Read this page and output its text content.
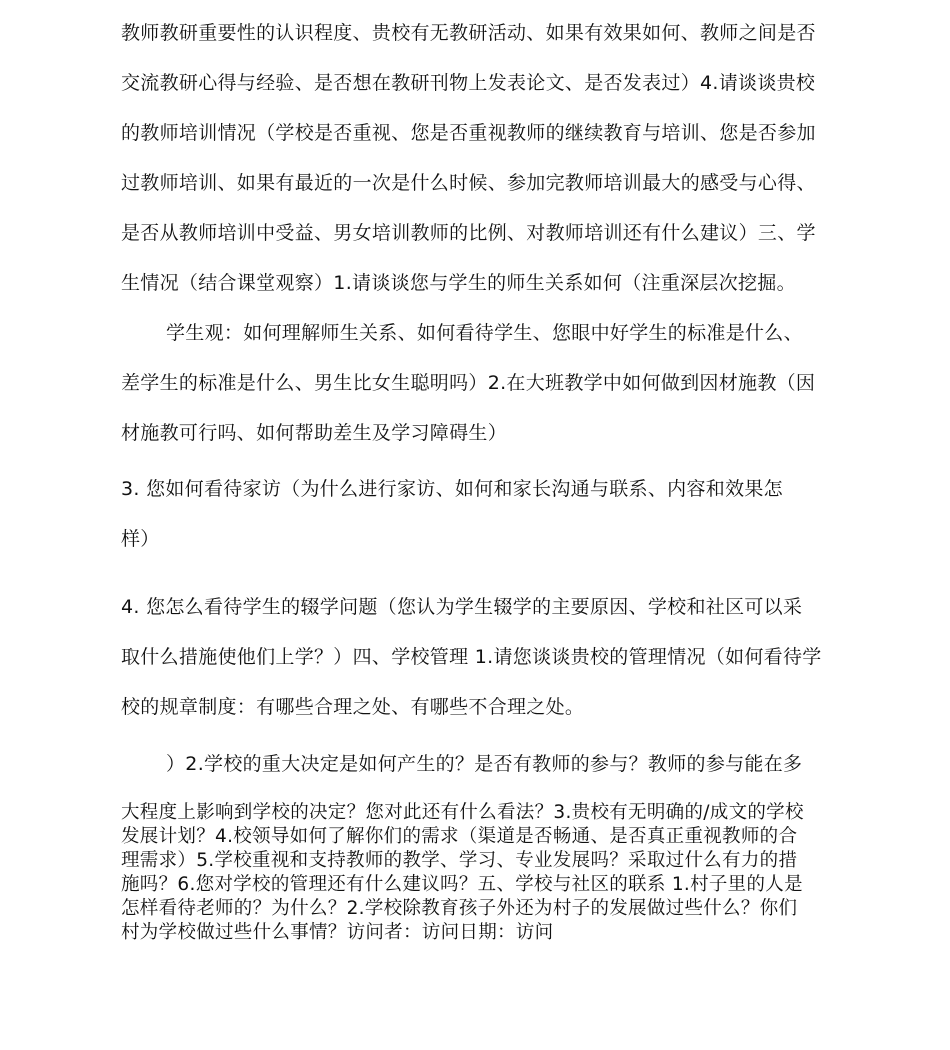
教师教研重要性的认识程度、贵校有无教研活动、如果有效果如何、教师之间是否
交流教研心得与经验、是否想在教研刊物上发表论文、是否发表过）4.请谈谈贵校
的教师培训情况（学校是否重视、您是否重视教师的继续教育与培训、您是否参加
过教师培训、如果有最近的一次是什么时候、参加完教师培训最大的感受与心得、
是否从教师培训中受益、男女培训教师的比例、对教师培训还有什么建议）三、学
生情况（结合课堂观察）1.请谈谈您与学生的师生关系如何（注重深层次挖掘。
学生观：如何理解师生关系、如何看待学生、您眼中好学生的标准是什么、
差学生的标准是什么、男生比女生聪明吗）2.在大班教学中如何做到因材施教（因
材施教可行吗、如何帮助差生及学习障碍生）
3. 您如何看待家访（为什么进行家访、如何和家长沟通与联系、内容和效果怎
样）
4. 您怎么看待学生的辍学问题（您认为学生辍学的主要原因、学校和社区可以采
取什么措施使他们上学？）四、学校管理 1.请您谈谈贵校的管理情况（如何看待学
校的规章制度：有哪些合理之处、有哪些不合理之处。
）2.学校的重大决定是如何产生的？是否有教师的参与？教师的参与能在多
大程度上影响到学校的决定？您对此还有什么看法？3.贵校有无明确的/成文的学校
发展计划？4.校领导如何了解你们的需求（渠道是否畅通、是否真正重视教师的合
理需求）5.学校重视和支持教师的教学、学习、专业发展吗？采取过什么有力的措
施吗？6.您对学校的管理还有什么建议吗？五、学校与社区的联系 1.村子里的人是
怎样看待老师的？为什么？2.学校除教育孩子外还为村子的发展做过些什么？你们
村为学校做过些什么事情？访问者：访问日期：访问
